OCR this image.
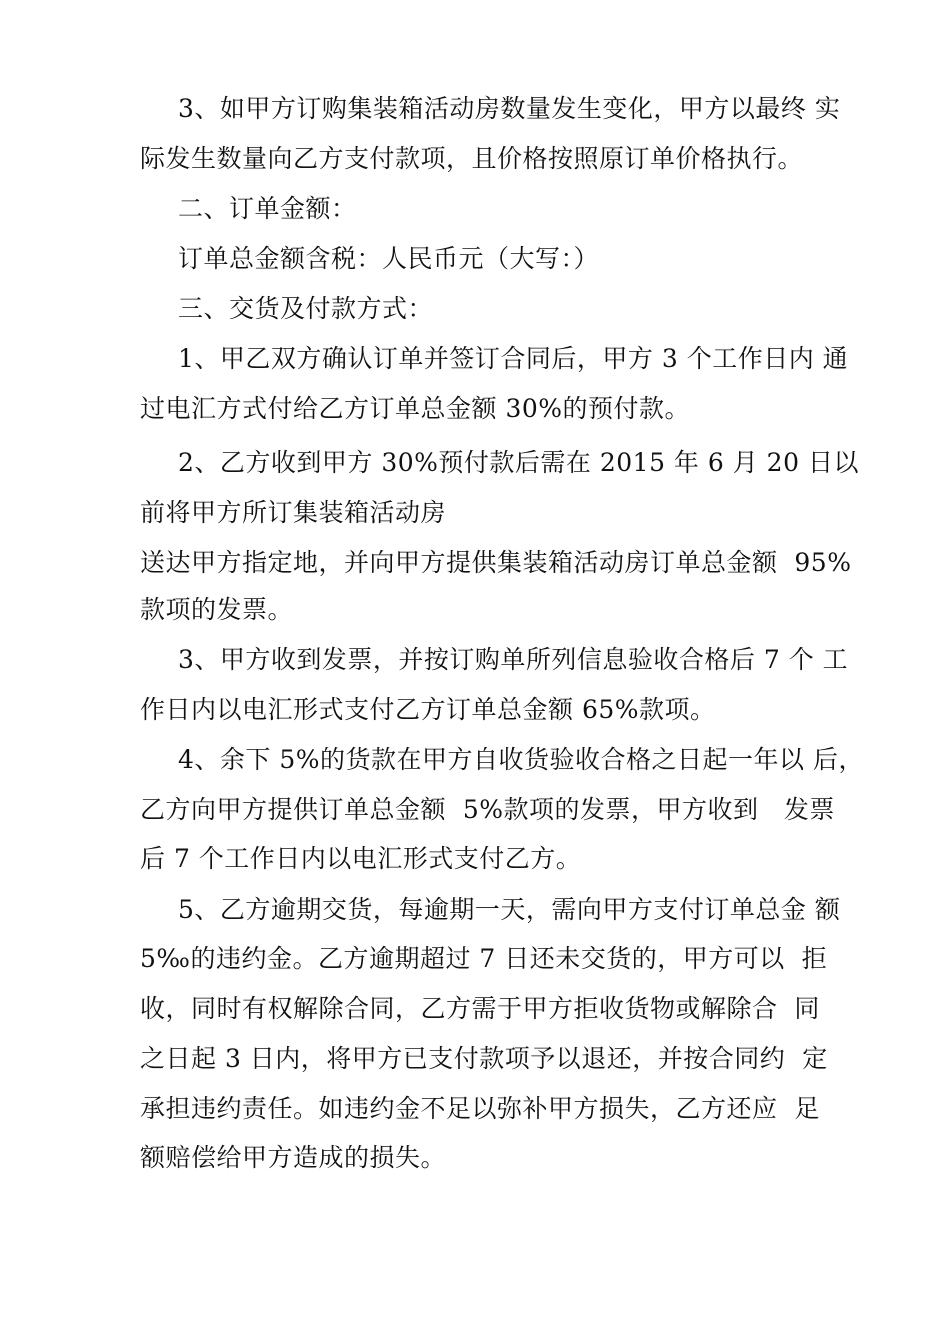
3、如甲方订购集装箱活动房数量发生变化，甲方以最终 实
际发生数量向乙方支付款项，且价格按照原订单价格执行。
二、订单金额：
订单总金额含税：人民币元（大写：）
三、交货及付款方式：
1、甲乙双方确认订单并签订合同后，甲方 3 个工作日内 通
过电汇方式付给乙方订单总金额 30%的预付款。
2、乙方收到甲方 30%预付款后需在 2015 年 6 月 20 日以
前将甲方所订集装箱活动房
送达甲方指定地，并向甲方提供集装箱活动房订单总金额  95%
款项的发票。
3、甲方收到发票，并按订购单所列信息验收合格后 7 个 工
作日内以电汇形式支付乙方订单总金额 65%款项。
4、余下 5%的货款在甲方自收货验收合格之日起一年以 后，
乙方向甲方提供订单总金额  5%款项的发票，甲方收到   发票
后 7 个工作日内以电汇形式支付乙方。
5、乙方逾期交货，每逾期一天，需向甲方支付订单总金 额
5‰的违约金。乙方逾期超过 7 日还未交货的，甲方可以  拒
收，同时有权解除合同，乙方需于甲方拒收货物或解除合  同
之日起 3 日内，将甲方已支付款项予以退还，并按合同约  定
承担违约责任。如违约金不足以弥补甲方损失，乙方还应  足
额赔偿给甲方造成的损失。
